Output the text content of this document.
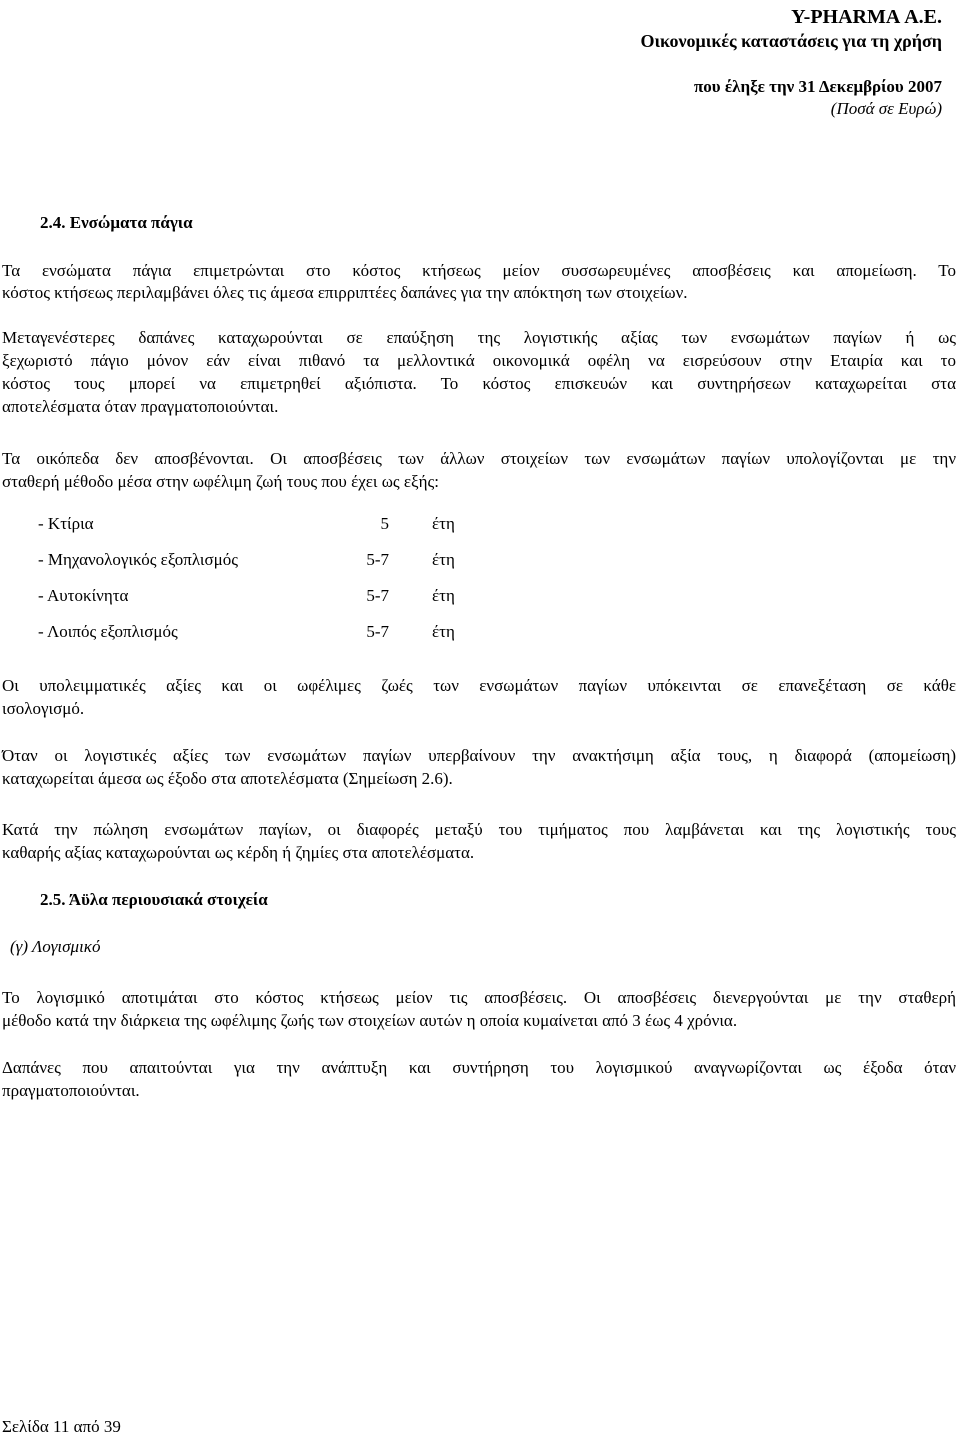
Y-PHARMA Α.Ε.
Οικονομικές καταστάσεις για τη χρήση
που έληξε την 31 Δεκεμβρίου 2007
(Ποσά σε Ευρώ)
2.4. Ενσώματα πάγια
Τα ενσώματα πάγια επιμετρώνται στο κόστος κτήσεως μείον συσσωρευμένες αποσβέσεις και απομείωση. Το
κόστος κτήσεως περιλαμβάνει όλες τις άμεσα επιρριπτέες δαπάνες για την απόκτηση των στοιχείων.
Μεταγενέστερες δαπάνες καταχωρούνται σε επαύξηση της λογιστικής αξίας των ενσωμάτων παγίων ή ως
ξεχωριστό πάγιο μόνον εάν είναι πιθανό τα μελλοντικά οικονομικά οφέλη να εισρεύσουν στην Εταιρία και το
κόστος τους μπορεί να επιμετρηθεί αξιόπιστα. Το κόστος επισκευών και συντηρήσεων καταχωρείται στα
αποτελέσματα όταν πραγματοποιούνται.
Τα οικόπεδα δεν αποσβένονται. Οι αποσβέσεις των άλλων στοιχείων των ενσωμάτων παγίων υπολογίζονται με την
σταθερή μέθοδο μέσα στην ωφέλιμη ζωή τους που έχει ως εξής:
- Κτίρια	5	έτη
- Μηχανολογικός εξοπλισμός	5-7	έτη
- Αυτοκίνητα	5-7	έτη
- Λοιπός εξοπλισμός	5-7	έτη
Οι υπολειμματικές αξίες και οι ωφέλιμες ζωές των ενσωμάτων παγίων υπόκεινται σε επανεξέταση σε κάθε
ισολογισμό.
Όταν οι λογιστικές αξίες των ενσωμάτων παγίων υπερβαίνουν την ανακτήσιμη αξία τους, η διαφορά (απομείωση)
καταχωρείται άμεσα ως έξοδο στα αποτελέσματα (Σημείωση 2.6).
Κατά την πώληση ενσωμάτων παγίων, οι διαφορές μεταξύ του τιμήματος που λαμβάνεται και της λογιστικής τους
καθαρής αξίας καταχωρούνται ως κέρδη ή ζημίες στα αποτελέσματα.
2.5. Άϋλα περιουσιακά στοιχεία
(γ) Λογισμικό
Το λογισμικό αποτιμάται στο κόστος κτήσεως μείον τις αποσβέσεις. Οι αποσβέσεις διενεργούνται με την σταθερή
μέθοδο κατά την διάρκεια της ωφέλιμης ζωής των στοιχείων αυτών η οποία κυμαίνεται από 3 έως 4 χρόνια.
Δαπάνες που απαιτούνται για την ανάπτυξη και συντήρηση του λογισμικού αναγνωρίζονται ως έξοδα όταν
πραγματοποιούνται.
Σελίδα 11 από 39
